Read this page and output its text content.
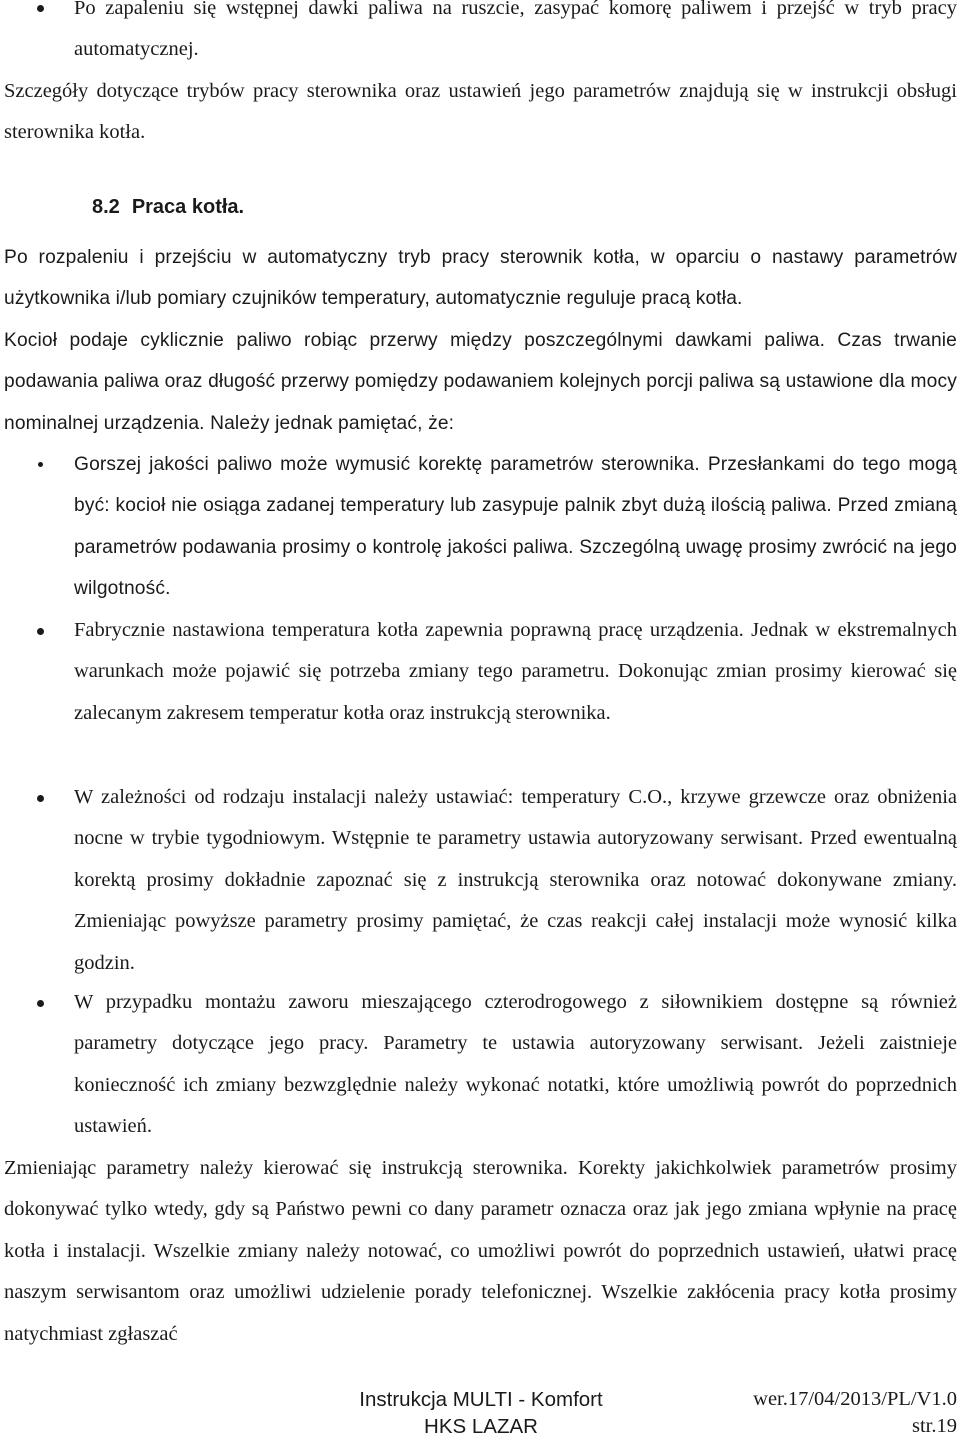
Po zapaleniu się wstępnej dawki paliwa na ruszcie, zasypać komorę paliwem i przejść w tryb pracy automatycznej.

Szczegóły dotyczące trybów pracy sterownika oraz ustawień jego parametrów znajdują się w instrukcji obsługi sterownika kotła.

8.2 Praca kotła.

Po rozpaleniu i przejściu w automatyczny tryb pracy sterownik kotła, w oparciu o nastawy parametrów użytkownika i/lub pomiary czujników temperatury, automatycznie reguluje pracą kotła.

Kocioł podaje cyklicznie paliwo robiąc przerwy między poszczególnymi dawkami paliwa. Czas trwanie podawania paliwa oraz długość przerwy pomiędzy podawaniem kolejnych porcji paliwa są ustawione dla mocy nominalnej urządzenia. Należy jednak pamiętać, że:

Gorszej jakości paliwo może wymusić korektę parametrów sterownika. Przesłankami do tego mogą być: kocioł nie osiąga zadanej temperatury lub zasypuje palnik zbyt dużą ilością paliwa. Przed zmianą parametrów podawania prosimy o kontrolę jakości paliwa. Szczególną uwagę prosimy zwrócić na jego wilgotność.

Fabrycznie nastawiona temperatura kotła zapewnia poprawną pracę urządzenia. Jednak w ekstremalnych warunkach może pojawić się potrzeba zmiany tego parametru. Dokonując zmian prosimy kierować się zalecanym zakresem temperatur kotła oraz instrukcją sterownika.

W zależności od rodzaju instalacji należy ustawiać: temperatury C.O., krzywe grzewcze oraz obniżenia nocne w trybie tygodniowym. Wstępnie te parametry ustawia autoryzowany serwisant. Przed ewentualną korektą prosimy dokładnie zapoznać się z instrukcją sterownika oraz notować dokonywane zmiany. Zmieniając powyższe parametry prosimy pamiętać, że czas reakcji całej instalacji może wynosić kilka godzin.

W przypadku montażu zaworu mieszającego czterodrogowego z siłownikiem dostępne są również parametry dotyczące jego pracy. Parametry te ustawia autoryzowany serwisant. Jeżeli zaistnieje konieczność ich zmiany bezwzględnie należy wykonać notatki, które umożliwią powrót do poprzednich ustawień.

Zmieniając parametry należy kierować się instrukcją sterownika. Korekty jakichkolwiek parametrów prosimy dokonywać tylko wtedy, gdy są Państwo pewni co dany parametr oznacza oraz jak jego zmiana wpłynie na pracę kotła i instalacji. Wszelkie zmiany należy notować, co umożliwi powrót do poprzednich ustawień, ułatwi pracę naszym serwisantom oraz umożliwi udzielenie porady telefonicznej. Wszelkie zakłócenia pracy kotła prosimy natychmiast zgłaszać

Instrukcja MULTI - Komfort
HKS LAZAR
wer.17/04/2013/PL/V1.0
str.19
